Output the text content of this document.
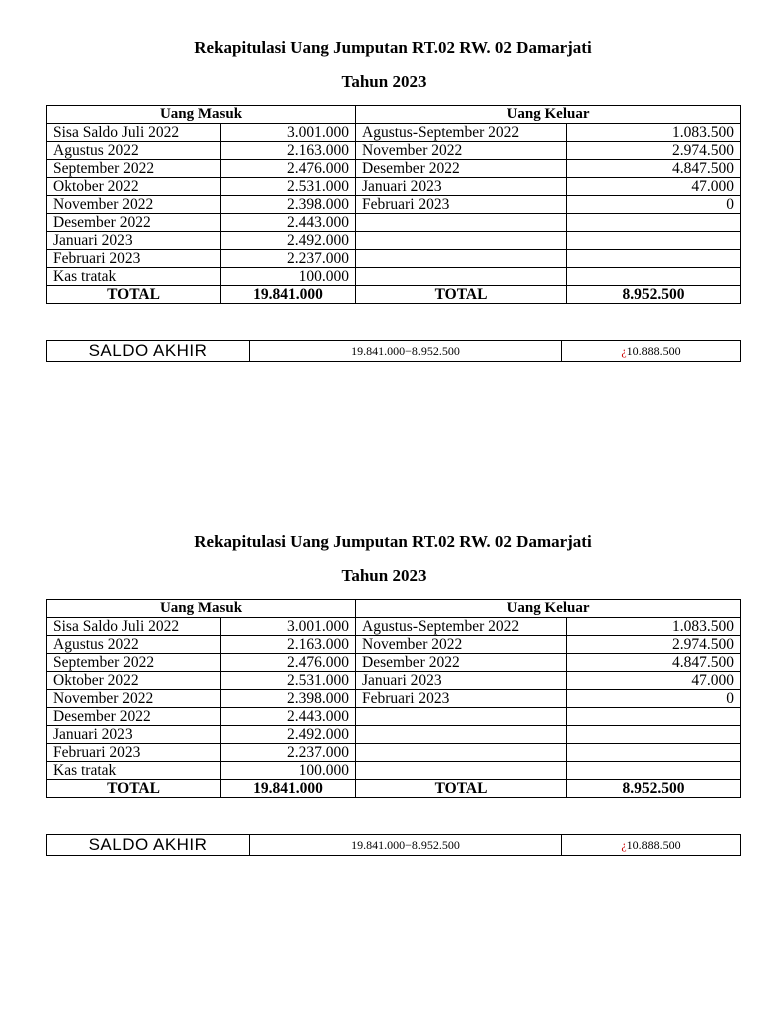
Rekapitulasi Uang Jumputan RT.02 RW. 02 Damarjati
Tahun 2023
Uang Masuk		Uang Keluar	
Sisa Saldo Juli 2022	3.001.000	Agustus-September 2022	1.083.500
Agustus 2022	2.163.000	November 2022	2.974.500
September 2022	2.476.000	Desember 2022	4.847.500
Oktober 2022	2.531.000	Januari 2023	47.000
November 2022	2.398.000	Februari 2023	0
Desember 2022	2.443.000		
Januari 2023	2.492.000		
Februari 2023	2.237.000		
Kas tratak	100.000		
TOTAL	19.841.000	TOTAL	8.952.500
SALDO AKHIR	19.841.000−8.952.500	¿10.888.500
Rekapitulasi Uang Jumputan RT.02 RW. 02 Damarjati
Tahun 2023
Uang Masuk		Uang Keluar	
Sisa Saldo Juli 2022	3.001.000	Agustus-September 2022	1.083.500
Agustus 2022	2.163.000	November 2022	2.974.500
September 2022	2.476.000	Desember 2022	4.847.500
Oktober 2022	2.531.000	Januari 2023	47.000
November 2022	2.398.000	Februari 2023	0
Desember 2022	2.443.000		
Januari 2023	2.492.000		
Februari 2023	2.237.000		
Kas tratak	100.000		
TOTAL	19.841.000	TOTAL	8.952.500
SALDO AKHIR	19.841.000−8.952.500	¿10.888.500
